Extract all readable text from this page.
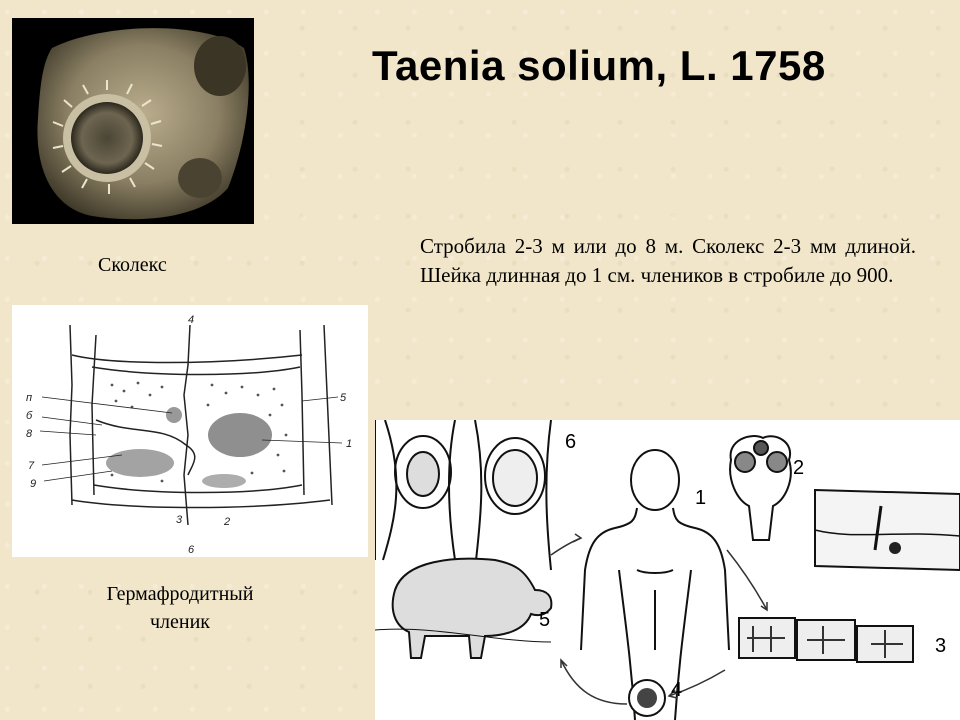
Taenia solium, L. 1758
Стробила 2-3 м или до 8 м. Сколекс 2-3 мм длиной. Шейка длинная до 1 см. члеников в стробиле до 900.
Сколекс
4
п
б
8
7
9
5
1
3	2
6
Гермафродитный членик
1
2
3
4
5
6
